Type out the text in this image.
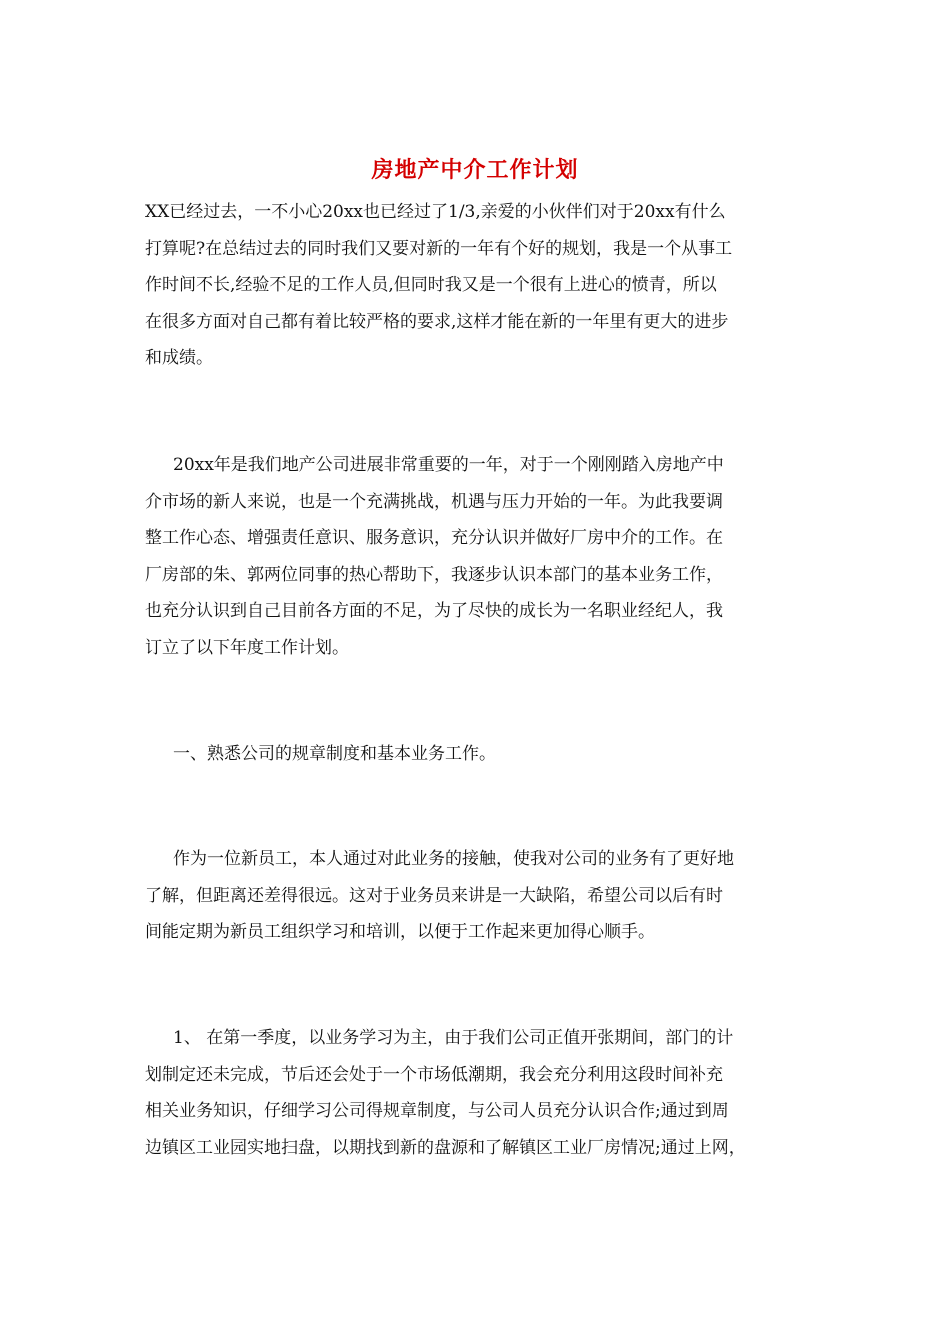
房地产中介工作计划
XX已经过去，一不小心20xx也已经过了1/3,亲爱的小伙伴们对于20xx有什么
打算呢?在总结过去的同时我们又要对新的一年有个好的规划，我是一个从事工
作时间不长,经验不足的工作人员,但同时我又是一个很有上进心的愤青，所以
在很多方面对自己都有着比较严格的要求,这样才能在新的一年里有更大的进步
和成绩。
20xx年是我们地产公司进展非常重要的一年，对于一个刚刚踏入房地产中
介市场的新人来说，也是一个充满挑战，机遇与压力开始的一年。为此我要调
整工作心态、增强责任意识、服务意识，充分认识并做好厂房中介的工作。在
厂房部的朱、郭两位同事的热心帮助下，我逐步认识本部门的基本业务工作，
也充分认识到自己目前各方面的不足，为了尽快的成长为一名职业经纪人，我
订立了以下年度工作计划。
一、熟悉公司的规章制度和基本业务工作。
作为一位新员工，本人通过对此业务的接触，使我对公司的业务有了更好地
了解，但距离还差得很远。这对于业务员来讲是一大缺陷，希望公司以后有时
间能定期为新员工组织学习和培训，以便于工作起来更加得心顺手。
1、 在第一季度，以业务学习为主，由于我们公司正值开张期间，部门的计
划制定还未完成，节后还会处于一个市场低潮期，我会充分利用这段时间补充
相关业务知识，仔细学习公司得规章制度，与公司人员充分认识合作;通过到周
边镇区工业园实地扫盘，以期找到新的盘源和了解镇区工业厂房情况;通过上网，
